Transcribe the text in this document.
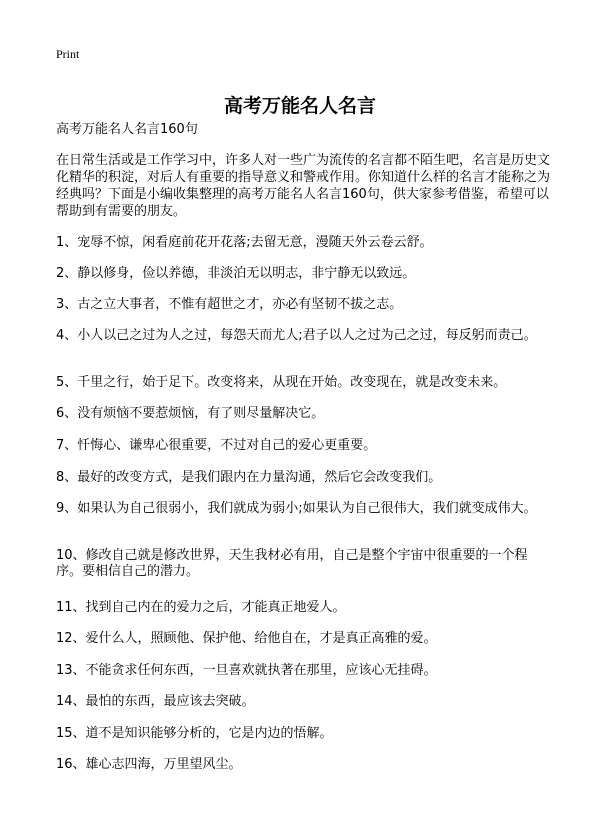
Print
高考万能名人名言
高考万能名人名言160句

在日常生活或是工作学习中，许多人对一些广为流传的名言都不陌生吧，名言是历史文化精华的积淀，对后人有重要的指导意义和警戒作用。你知道什么样的名言才能称之为经典吗？下面是小编收集整理的高考万能名人名言160句，供大家参考借鉴，希望可以帮助到有需要的朋友。

1、宠辱不惊，闲看庭前花开花落;去留无意，漫随天外云卷云舒。

2、静以修身，俭以养德，非淡泊无以明志，非宁静无以致远。

3、古之立大事者，不惟有超世之才，亦必有坚韧不拔之志。

4、小人以己之过为人之过，每怨天而尤人;君子以人之过为己之过，每反躬而责己。

5、千里之行，始于足下。改变将来，从现在开始。改变现在，就是改变未来。

6、没有烦恼不要惹烦恼，有了则尽量解决它。

7、忏悔心、谦卑心很重要，不过对自己的爱心更重要。

8、最好的改变方式，是我们跟内在力量沟通，然后它会改变我们。

9、如果认为自己很弱小，我们就成为弱小;如果认为自己很伟大，我们就变成伟大。

10、修改自己就是修改世界，天生我材必有用，自己是整个宇宙中很重要的一个程序。要相信自己的潜力。

11、找到自己内在的爱力之后，才能真正地爱人。

12、爱什么人，照顾他、保护他、给他自在，才是真正高雅的爱。

13、不能贪求任何东西，一旦喜欢就执著在那里，应该心无挂碍。

14、最怕的东西，最应该去突破。

15、道不是知识能够分析的，它是内边的悟解。

16、雄心志四海，万里望风尘。
